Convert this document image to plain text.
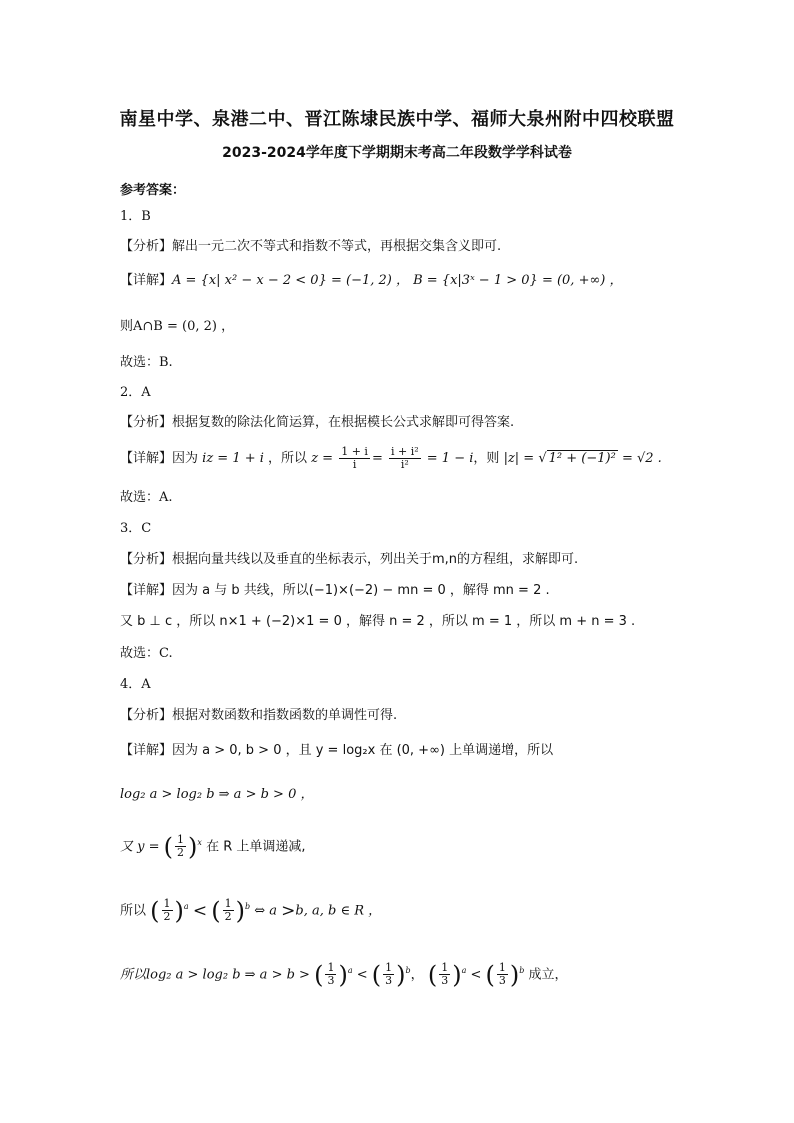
南星中学、泉港二中、晋江陈埭民族中学、福师大泉州附中四校联盟
2023-2024学年度下学期期末考高二年段数学学科试卷
参考答案：
1．B
【分析】解出一元二次不等式和指数不等式，再根据交集含义即可.
【详解】A = {x| x² − x − 2 < 0} = (−1, 2) ， B = {x|3ˣ − 1 > 0} = (0, +∞) ，
则A∩B = (0, 2) ，
故选：B.
2．A
【分析】根据复数的除法化简运算，在根据模长公式求解即可得答案.
【详解】因为 iz = 1 + i ，所以 $z = \frac{1 + i}{i} = \frac{\text{i + i²}}{\text{i²}} = 1 - i$，则 |z| = √ 1² + (−1)² = √2 .
故选：A.
3．C
【分析】根据向量共线以及垂直的坐标表示，列出关于m,n的方程组，求解即可.
【详解】因为 a 与 b 共线，所以(−1)×(−2) − mn = 0 ，解得 mn = 2 .
又 b ⊥ c ，所以 n×1 + (−2)×1 = 0 ，解得 n = 2 ，所以 m = 1 ，所以 m + n = 3 .
故选：C.
4．A
【分析】根据对数函数和指数函数的单调性可得.
【详解】因为 a > 0, b > 0 ，且 y = log₂x 在 (0, +∞) 上单调递增，所以
log₂ a > log₂ b ⇒ a > b > 0 ，
又 y = ( $\frac{1}{2} )^x$ 在 R 上单调递减,
所以 ( $\frac{1}{2} )^a$ < ( $\frac{1}{2} )^b$ ⇔ a >b, a, b ∈ R ，
所以log₂ a > log₂ b ⇒ a > b > ( $\frac{1}{3} )^a$ < ( $\frac{1}{3} )^b$， ( $\frac{1}{3} )^a$ < ( $\frac{1}{3} )^b$ 成立，
